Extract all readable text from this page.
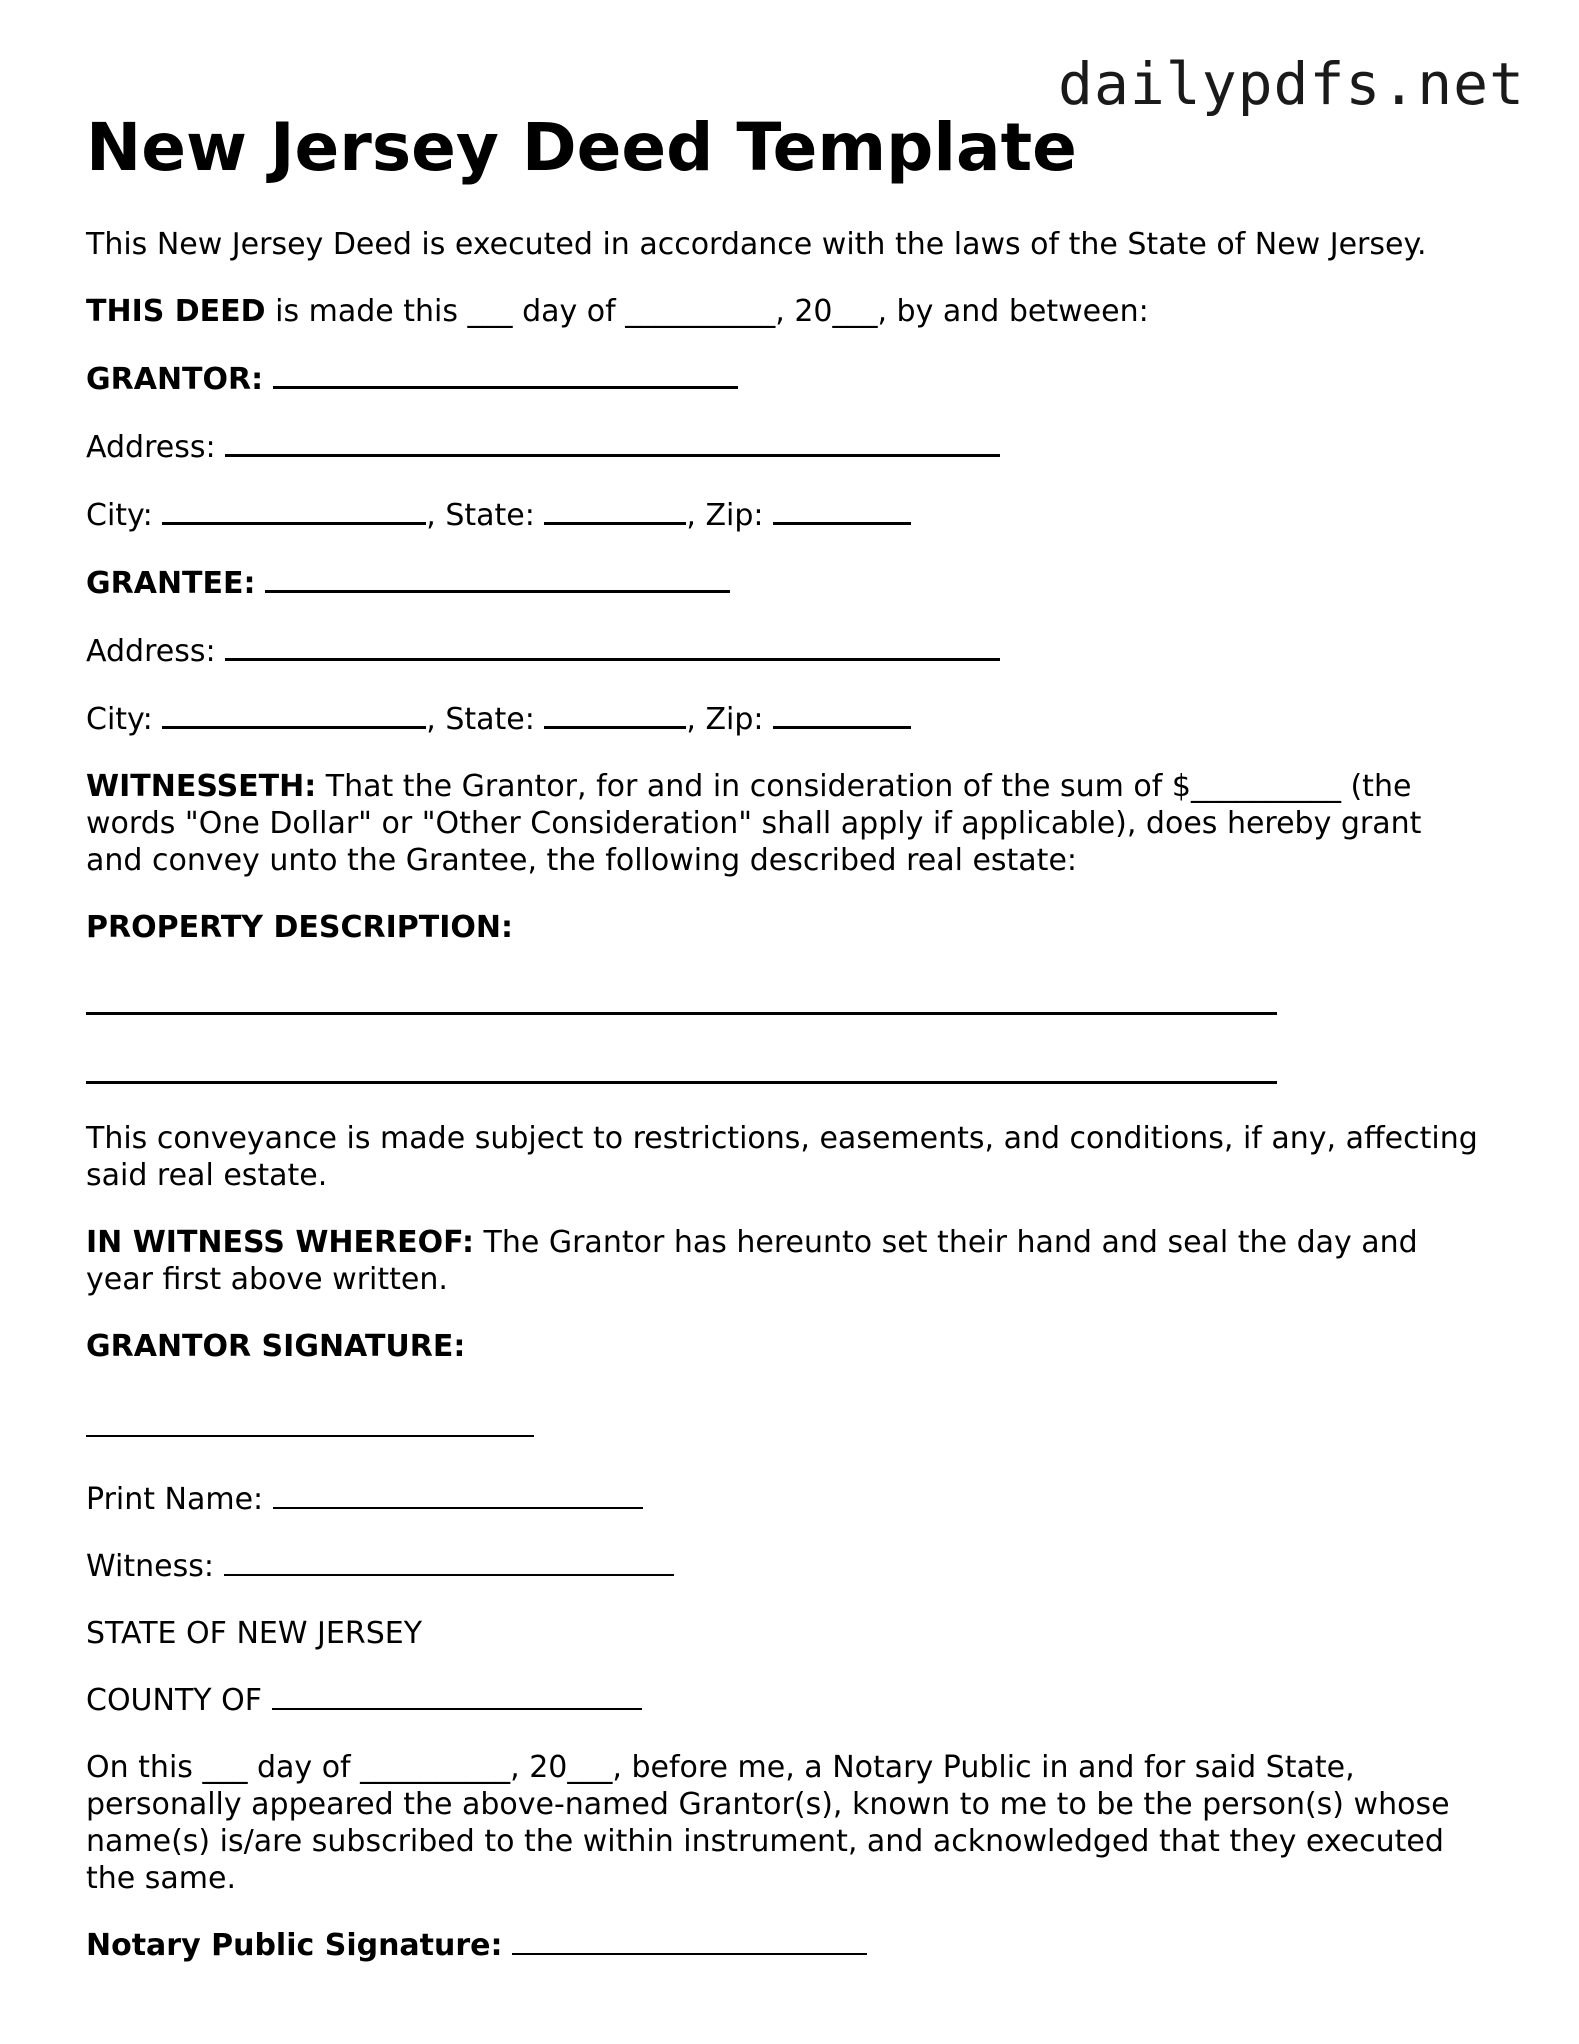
dailypdfs.net
New Jersey Deed Template

This New Jersey Deed is executed in accordance with the laws of the State of New Jersey.

THIS DEED is made this ___ day of __________, 20___, by and between:

GRANTOR:

Address:

City:	, State:	, Zip:

GRANTEE:

Address:

City:	, State:	, Zip:

WITNESSETH: That the Grantor, for and in consideration of the sum of $__________ (the words "One Dollar" or "Other Consideration" shall apply if applicable), does hereby grant and convey unto the Grantee, the following described real estate:

PROPERTY DESCRIPTION:

This conveyance is made subject to restrictions, easements, and conditions, if any, affecting said real estate.

IN WITNESS WHEREOF: The Grantor has hereunto set their hand and seal the day and year first above written.

GRANTOR SIGNATURE:

Print Name:

Witness:

STATE OF NEW JERSEY

COUNTY OF

On this ___ day of __________, 20___, before me, a Notary Public in and for said State, personally appeared the above-named Grantor(s), known to me to be the person(s) whose name(s) is/are subscribed to the within instrument, and acknowledged that they executed the same.

Notary Public Signature:
